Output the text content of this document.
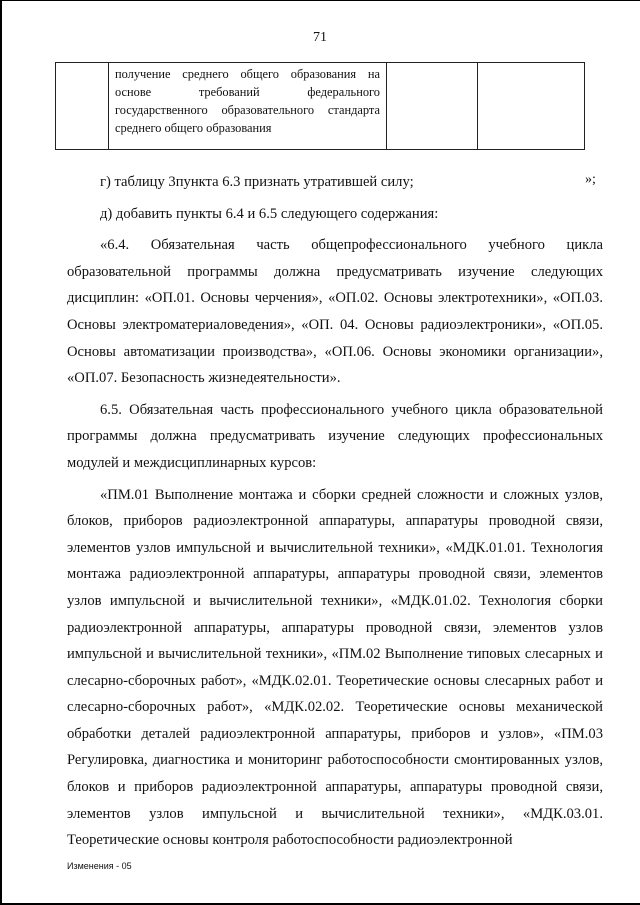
71

получение среднего общего образования на основе требований федерального государственного образовательного стандарта среднего общего образования

»;

г) таблицу 3пункта 6.3 признать утратившей силу;

д) добавить пункты 6.4 и 6.5 следующего содержания:

«6.4. Обязательная часть общепрофессионального учебного цикла образовательной программы должна предусматривать изучение следующих дисциплин: «ОП.01. Основы черчения», «ОП.02. Основы электротехники», «ОП.03. Основы электроматериаловедения», «ОП. 04. Основы радиоэлектроники», «ОП.05. Основы автоматизации производства», «ОП.06. Основы экономики организации», «ОП.07. Безопасность жизнедеятельности».

6.5. Обязательная часть профессионального учебного цикла образовательной программы должна предусматривать изучение следующих профессиональных модулей и междисциплинарных курсов:

«ПМ.01 Выполнение монтажа и сборки средней сложности и сложных узлов, блоков, приборов радиоэлектронной аппаратуры, аппаратуры проводной связи, элементов узлов импульсной и вычислительной техники», «МДК.01.01. Технология монтажа радиоэлектронной аппаратуры, аппаратуры проводной связи, элементов узлов импульсной и вычислительной техники», «МДК.01.02. Технология сборки радиоэлектронной аппаратуры, аппаратуры проводной связи, элементов узлов импульсной и вычислительной техники», «ПМ.02 Выполнение типовых слесарных и слесарно-сборочных работ», «МДК.02.01. Теоретические основы слесарных работ и слесарно-сборочных работ», «МДК.02.02. Теоретические основы механической обработки деталей радиоэлектронной аппаратуры, приборов и узлов», «ПМ.03 Регулировка, диагностика и мониторинг работоспособности смонтированных узлов, блоков и приборов радиоэлектронной аппаратуры, аппаратуры проводной связи, элементов узлов импульсной и вычислительной техники», «МДК.03.01. Теоретические основы контроля работоспособности радиоэлектронной

Изменения - 05
